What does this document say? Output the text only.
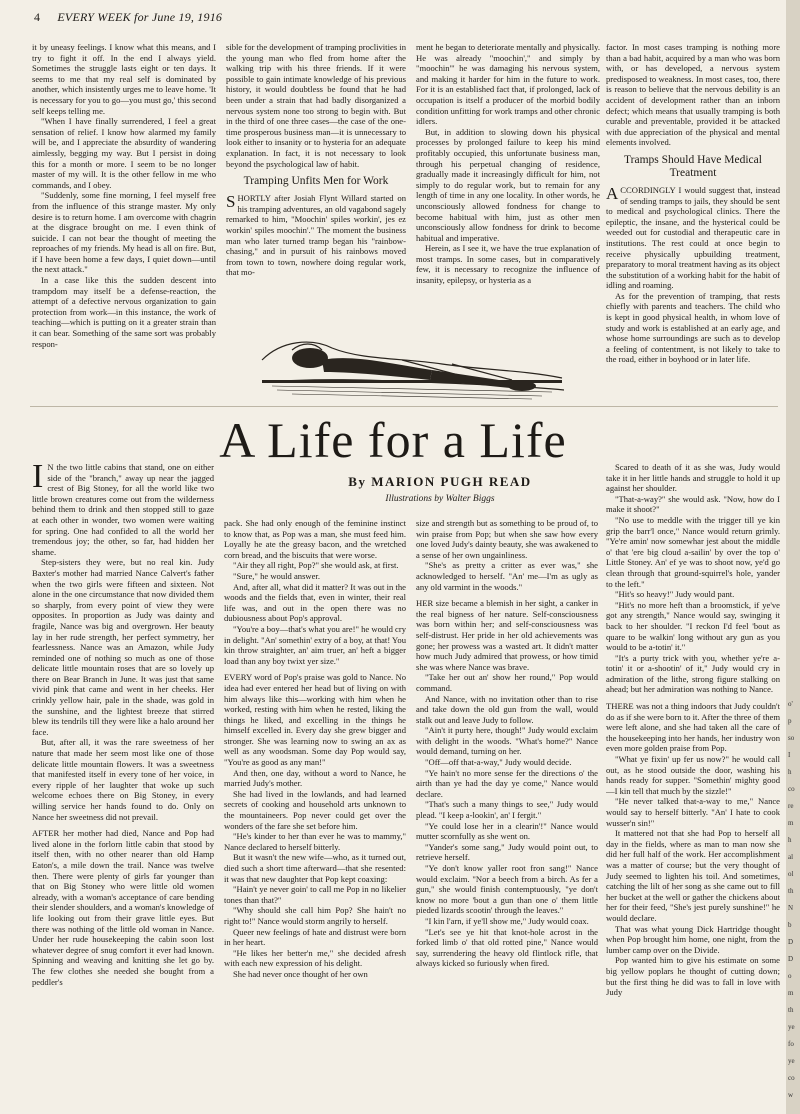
4 EVERY WEEK for June 19, 1916

it by uneasy feelings. I know what this means, and I try to fight it off. In the end I always yield. Sometimes the struggle lasts eight or ten days. It seems to me that my real self is dominated by another, which insistently urges me to leave home. 'It is necessary for you to go—you must go,' this second self keeps telling me.

"When I have finally surrendered, I feel a great sensation of relief. I know how alarmed my family will be, and I appreciate the absurdity of wandering aimlessly, begging my way. But I persist in doing this for a month or more. I seem to be no longer master of my will. It is the other fellow in me who commands, and I obey.

"Suddenly, some fine morning, I feel myself free from the influence of this strange master. My only desire is to return home. I am overcome with chagrin at the disgrace brought on me. I even think of suicide. I can not bear the thought of meeting the reproaches of my friends. My head is all on fire. But, if I have been home a few days, I quiet down—until the next attack."

In a case like this the sudden descent into trampdom may itself be a defense-reaction, the attempt of a defective nervous organization to gain protection from work—in this instance, the work of teaching—which is putting on it a greater strain than it can bear. Something of the same sort was probably respon-

sible for the development of tramping proclivities in the young man who fled from home after the walking trip with his three friends. If it were possible to gain intimate knowledge of his previous history, it would doubtless be found that he had been under a strain that had badly disorganized a nervous system none too strong to begin with. But in the third of one three cases—the case of the one-time prosperous business man—it is unnecessary to look either to insanity or to hysteria for an adequate explanation. In fact, it is not necessary to look beyond the psychological law of habit.

Tramping Unfits Men for Work

SHORTLY after Josiah Flynt Willard started on his tramping adventures, an old vagabond sagely remarked to him, "Moochin' spiles workin', jes ez workin' spiles moochin'." The moment the business man who later turned tramp began his "rainbow-chasing," and in pursuit of his rainbows moved from town to town, nowhere doing regular work, that mo-

ment he began to deteriorate mentally and physically. He was already "moochin'," and simply by "moochin'" he was damaging his nervous system, and making it harder for him in the future to work. For it is an established fact that, if prolonged, lack of occupation is itself a producer of the morbid bodily condition unfitting for work tramps and other chronic idlers.

But, in addition to slowing down his physical processes by prolonged failure to keep his mind profitably occupied, this unfortunate business man, through his perpetual changing of residence, gradually made it increasingly difficult for him, not simply to do regular work, but to remain for any length of time in any one locality. In other words, he unconsciously allowed fondness for change to become habitual with him, just as other men unconsciously allow fondness for drink to become habitual and imperative.

Herein, as I see it, we have the true explanation of most tramps. In some cases, but in comparatively few, it is necessary to recognize the influence of insanity, epilepsy, or hysteria as a

factor. In most cases tramping is nothing more than a bad habit, acquired by a man who was born with, or has developed, a nervous system predisposed to weakness. In most cases, too, there is reason to believe that the nervous debility is an accident of development rather than an inborn defect; which means that usually tramping is both curable and preventable, provided it be attacked with due appreciation of the physical and mental elements involved.

Tramps Should Have Medical Treatment

ACCORDINGLY I would suggest that, instead of sending tramps to jails, they should be sent to medical and psychological clinics. There the epileptic, the insane, and the hysterical could be weeded out for custodial and therapeutic care in institutions. The rest could at once begin to receive physically upbuilding treatment, preparatory to moral treatment having as its object the substitution of a working habit for the habit of idling and roaming.

As for the prevention of tramping, that rests chiefly with parents and teachers. The child who is kept in good physical health, in whom love of study and work is established at an early age, and whose home surroundings are such as to develop a feeling of contentment, is not likely to take to the road, either in boyhood or in later life.

A Life for a Life
By MARION PUGH READ
Illustrations by Walter Biggs

I N the two little cabins that stand, one on either side of the "branch," away up near the jagged crest of Big Stoney, for all the world like two little brown creatures come out from the wilderness behind them to drink and then stopped still to gaze at each other in wonder, two women were waiting for spring. One had confided to all the world her tremendous joy; the other, so far, had hidden her shame.

Step-sisters they were, but no real kin. Judy Baxter's mother had married Nance Calvert's father when the two girls were fifteen and sixteen. Not alone in the one circumstance that now divided them so sharply, from every point of view they were opposites. In proportion as Judy was dainty and fragile, Nance was big and overgrown. Her beauty lay in her rude strength, her perfect symmetry, her fearlessness. Nance was an Amazon, while Judy reminded one of nothing so much as one of those delicate little mountain roses that are so lovely up there on Bear Branch in June. It was just that same vivid pink that came and went in her cheeks. Her crinkly yellow hair, pale in the shade, was gold in the sunshine, and the lightest breeze that stirred blew its tendrils till they were like a halo around her face.

But, after all, it was the rare sweetness of her nature that made her seem most like one of those delicate little mountain flowers. It was a sweetness that manifested itself in every tone of her voice, in every ripple of her laughter that woke up such welcome echoes there on Big Stoney, in every willing service her hands found to do. Only on Nance her sweetness did not prevail.

AFTER her mother had died, Nance and Pop had lived alone in the forlorn little cabin that stood by itself then, with no other nearer than old Hamp Eaton's, a mile down the trail. Nance was twelve then. There were plenty of girls far younger than that on Big Stoney who were little old women already, with a woman's acceptance of care bending their slender shoulders, and a woman's knowledge of life looking out from their grave little eyes. But there was nothing of the little old woman in Nance. Under her rude housekeeping the cabin soon lost whatever degree of snug comfort it ever had known. Spinning and weaving and knitting she let go by. The few clothes she needed she bought from a peddler's

pack. She had only enough of the feminine instinct to know that, as Pop was a man, she must feed him. Loyally he ate the greasy bacon, and the wretched corn bread, and the biscuits that were worse.

"Air they all right, Pop?" she would ask, at first.

"Sure," he would answer.

And, after all, what did it matter? It was out in the woods and the fields that, even in winter, their real life was, and out in the open there was no dubiousness about Pop's approval.

"You're a boy—that's what you are!" he would cry in delight. "An' somethin' extry of a boy, at that! You kin throw straighter, an' aim truer, an' heft a bigger load than any boy twixt yer size."

EVERY word of Pop's praise was gold to Nance. No idea had ever entered her head but of living on with him always like this—working with him when he worked, resting with him when he rested, liking the things he liked, and excelling in the things he himself excelled in. Every day she grew bigger and stronger. She was learning now to swing an ax as well as any woodsman. Some day Pop would say, "You're as good as any man!"

And then, one day, without a word to Nance, he married Judy's mother.

She had lived in the lowlands, and had learned secrets of cooking and household arts unknown to the mountaineers. Pop never could get over the wonders of the fare she set before him.

"He's kinder to her than ever he was to mammy," Nance declared to herself bitterly.

But it wasn't the new wife—who, as it turned out, died such a short time afterward—that she resented: it was that new daughter that Pop kept coaxing:

"Hain't ye never goin' to call me Pop in no likelier tones than that?"

"Why should she call him Pop? She hain't no right to!" Nance would storm angrily to herself.

Queer new feelings of hate and distrust were born in her heart.

"He likes her better'n me," she decided afresh with each new expression of his delight.

She had never once thought of her own

size and strength but as something to be proud of, to win praise from Pop; but when she saw how every one loved Judy's dainty beauty, she was awakened to a sense of her own ungainliness.

"She's as pretty a critter as ever was," she acknowledged to herself. "An' me—I'm as ugly as any old varmint in the woods."

HER size became a blemish in her sight, a canker in the real bigness of her nature. Self-consciousness was born within her; and self-consciousness was self-distrust. Her pride in her old achievements was gone; her prowess was a wasted art. It didn't matter how much Judy admired that prowess, or how timid she was where Nance was brave.

"Take her out an' show her round," Pop would command.

And Nance, with no invitation other than to rise and take down the old gun from the wall, would stalk out and leave Judy to follow.

"Ain't it purty here, though!" Judy would exclaim with delight in the woods. "What's home?" Nance would demand, turning on her.

"Off—off that-a-way," Judy would decide.

"Ye hain't no more sense fer the directions o' the airth than ye had the day ye come," Nance would declare.

"That's such a many things to see," Judy would plead. "I keep a-lookin', an' I fergit."

"Ye could lose her in a clearin'!" Nance would mutter scornfully as she went on.

"Yander's some sang," Judy would point out, to retrieve herself.

"Ye don't know yaller root fron sang!" Nance would exclaim. "Nor a beech from a birch. As fer a gun," she would finish contemptuously, "ye don't know no more 'bout a gun than one o' them little pieded lizards scootin' through the leaves."

"I kin l'arn, if ye'll show me," Judy would coax.

"Let's see ye hit that knot-hole acrost in the forked limb o' that old rotted pine," Nance would say, surrendering the heavy old flintlock rifle, that always kicked so furiously when fired.

Scared to death of it as she was, Judy would take it in her little hands and struggle to hold it up against her shoulder.

"That-a-way?" she would ask. "Now, how do I make it shoot?"

"No use to meddle with the trigger till ye kin grip the barr'l once," Nance would return grimly. "Ye're amin' now somewhar jest about the middle o' that 'ere big cloud a-sailin' by over the top o' Little Stoney. An' ef ye was to shoot now, ye'd go clean through that ground-squirrel's hole, yander to the left."

"Hit's so heavy!" Judy would pant.

"Hit's no more heft than a broomstick, if ye've got any strength," Nance would say, swinging it back to her shoulder. "I reckon I'd feel 'bout as quare to be walkin' long without ary gun as you would to be a-totin' it."

"It's a purty trick with you, whether ye're a-totin' it or a-shootin' of it," Judy would cry in admiration of the lithe, strong figure stalking on ahead; but her admiration was nothing to Nance.

THERE was not a thing indoors that Judy couldn't do as if she were born to it. After the three of them were left alone, and she had taken all the care of the housekeeping into her hands, her industry won even more golden praise from Pop.

"What ye fixin' up fer us now?" he would call out, as he stood outside the door, washing his hands ready for supper. "Somethin' mighty good—I kin tell that much by the sizzle!"

"He never talked that-a-way to me," Nance would say to herself bitterly. "An' I hate to cook wusser'n sin!"

It mattered not that she had Pop to herself all day in the fields, where as man to man now she did her full half of the work. Her accomplishment was a matter of course; but the very thought of Judy seemed to lighten his toil. And sometimes, catching the lilt of her song as she came out to fill her bucket at the well or gather the chickens about her for their feed, "She's jest purely sunshine!" he would declare.

That was what young Dick Hartridge thought when Pop brought him home, one night, from the lumber camp over on the Divide.

Pop wanted him to give his estimate on some big yellow poplars he thought of cutting down; but the first thing he did was to fall in love with Judy

o'
p
so
I
h
co
re
m
h
al
ol
th
N
b
D
D
o
m
th
ye
fo
ye
co
w
